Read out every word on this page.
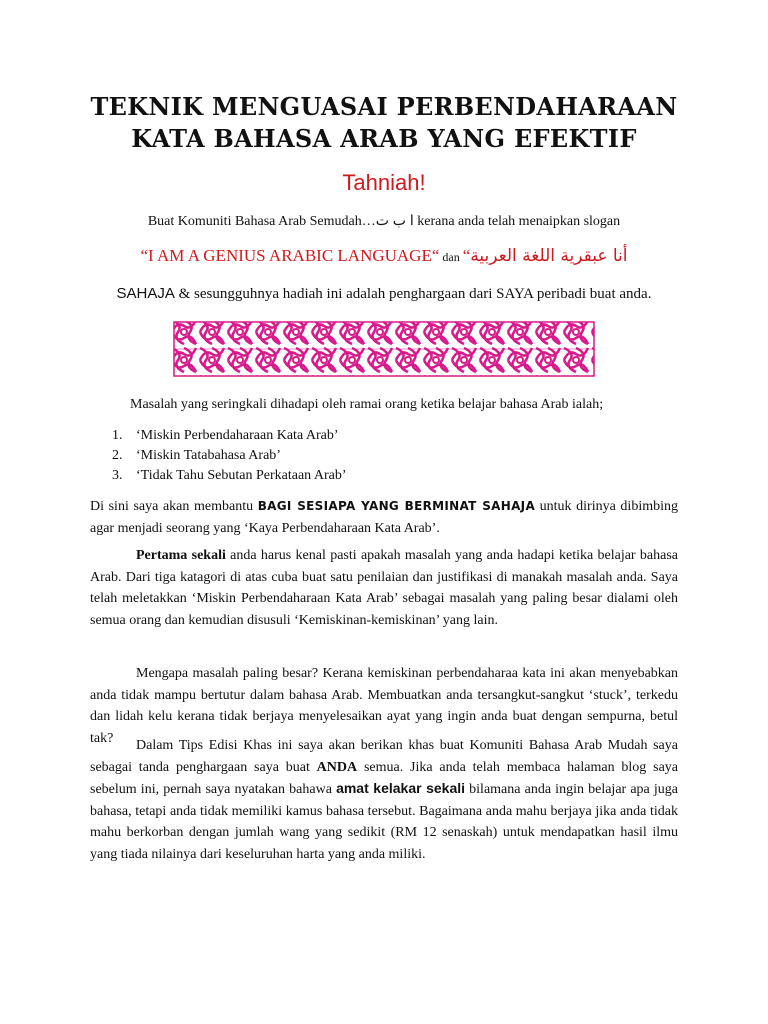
TEKNIK MENGUASAI PERBENDAHARAAN
KATA BAHASA ARAB YANG EFEKTIF
Tahniah!
Buat Komuniti Bahasa Arab Semudah…ا ب ت kerana anda telah menaipkan slogan
“I AM A GENIUS ARABIC LANGUAGE“ dan “أنا عبقرية اللغة العربية
SAHAJA & sesungguhnya hadiah ini adalah penghargaan dari SAYA peribadi buat anda.

Masalah yang seringkali dihadapi oleh ramai orang ketika belajar bahasa Arab ialah;

1. ‘Miskin Perbendaharaan Kata Arab’
2. ‘Miskin Tatabahasa Arab’
3. ‘Tidak Tahu Sebutan Perkataan Arab’

Di sini saya akan membantu BAGI SESIAPA YANG BERMINAT SAHAJA untuk dirinya dibimbing agar menjadi seorang yang ‘Kaya Perbendaharaan Kata Arab’.

Pertama sekali anda harus kenal pasti apakah masalah yang anda hadapi ketika belajar bahasa Arab. Dari tiga katagori di atas cuba buat satu penilaian dan justifikasi di manakah masalah anda. Saya telah meletakkan ‘Miskin Perbendaharaan Kata Arab’ sebagai masalah yang paling besar dialami oleh semua orang dan kemudian disusuli ‘Kemiskinan-kemiskinan’ yang lain.

Mengapa masalah paling besar? Kerana kemiskinan perbendaharaa kata ini akan menyebabkan anda tidak mampu bertutur dalam bahasa Arab. Membuatkan anda tersangkut-sangkut ‘stuck’, terkedu dan lidah kelu kerana tidak berjaya menyelesaikan ayat yang ingin anda buat dengan sempurna, betul tak?	Dalam Tips Edisi Khas ini saya akan berikan khas buat Komuniti Bahasa Arab Mudah saya sebagai tanda penghargaan saya buat ANDA semua. Jika anda telah membaca halaman blog saya sebelum ini, pernah saya nyatakan bahawa amat kelakar sekali bilamana anda ingin belajar apa juga bahasa, tetapi anda tidak memiliki kamus bahasa tersebut. Bagaimana anda mahu berjaya jika anda tidak mahu berkorban dengan jumlah wang yang sedikit (RM 12 senaskah) untuk mendapatkan hasil ilmu yang tiada nilainya dari keseluruhan harta yang anda miliki.
